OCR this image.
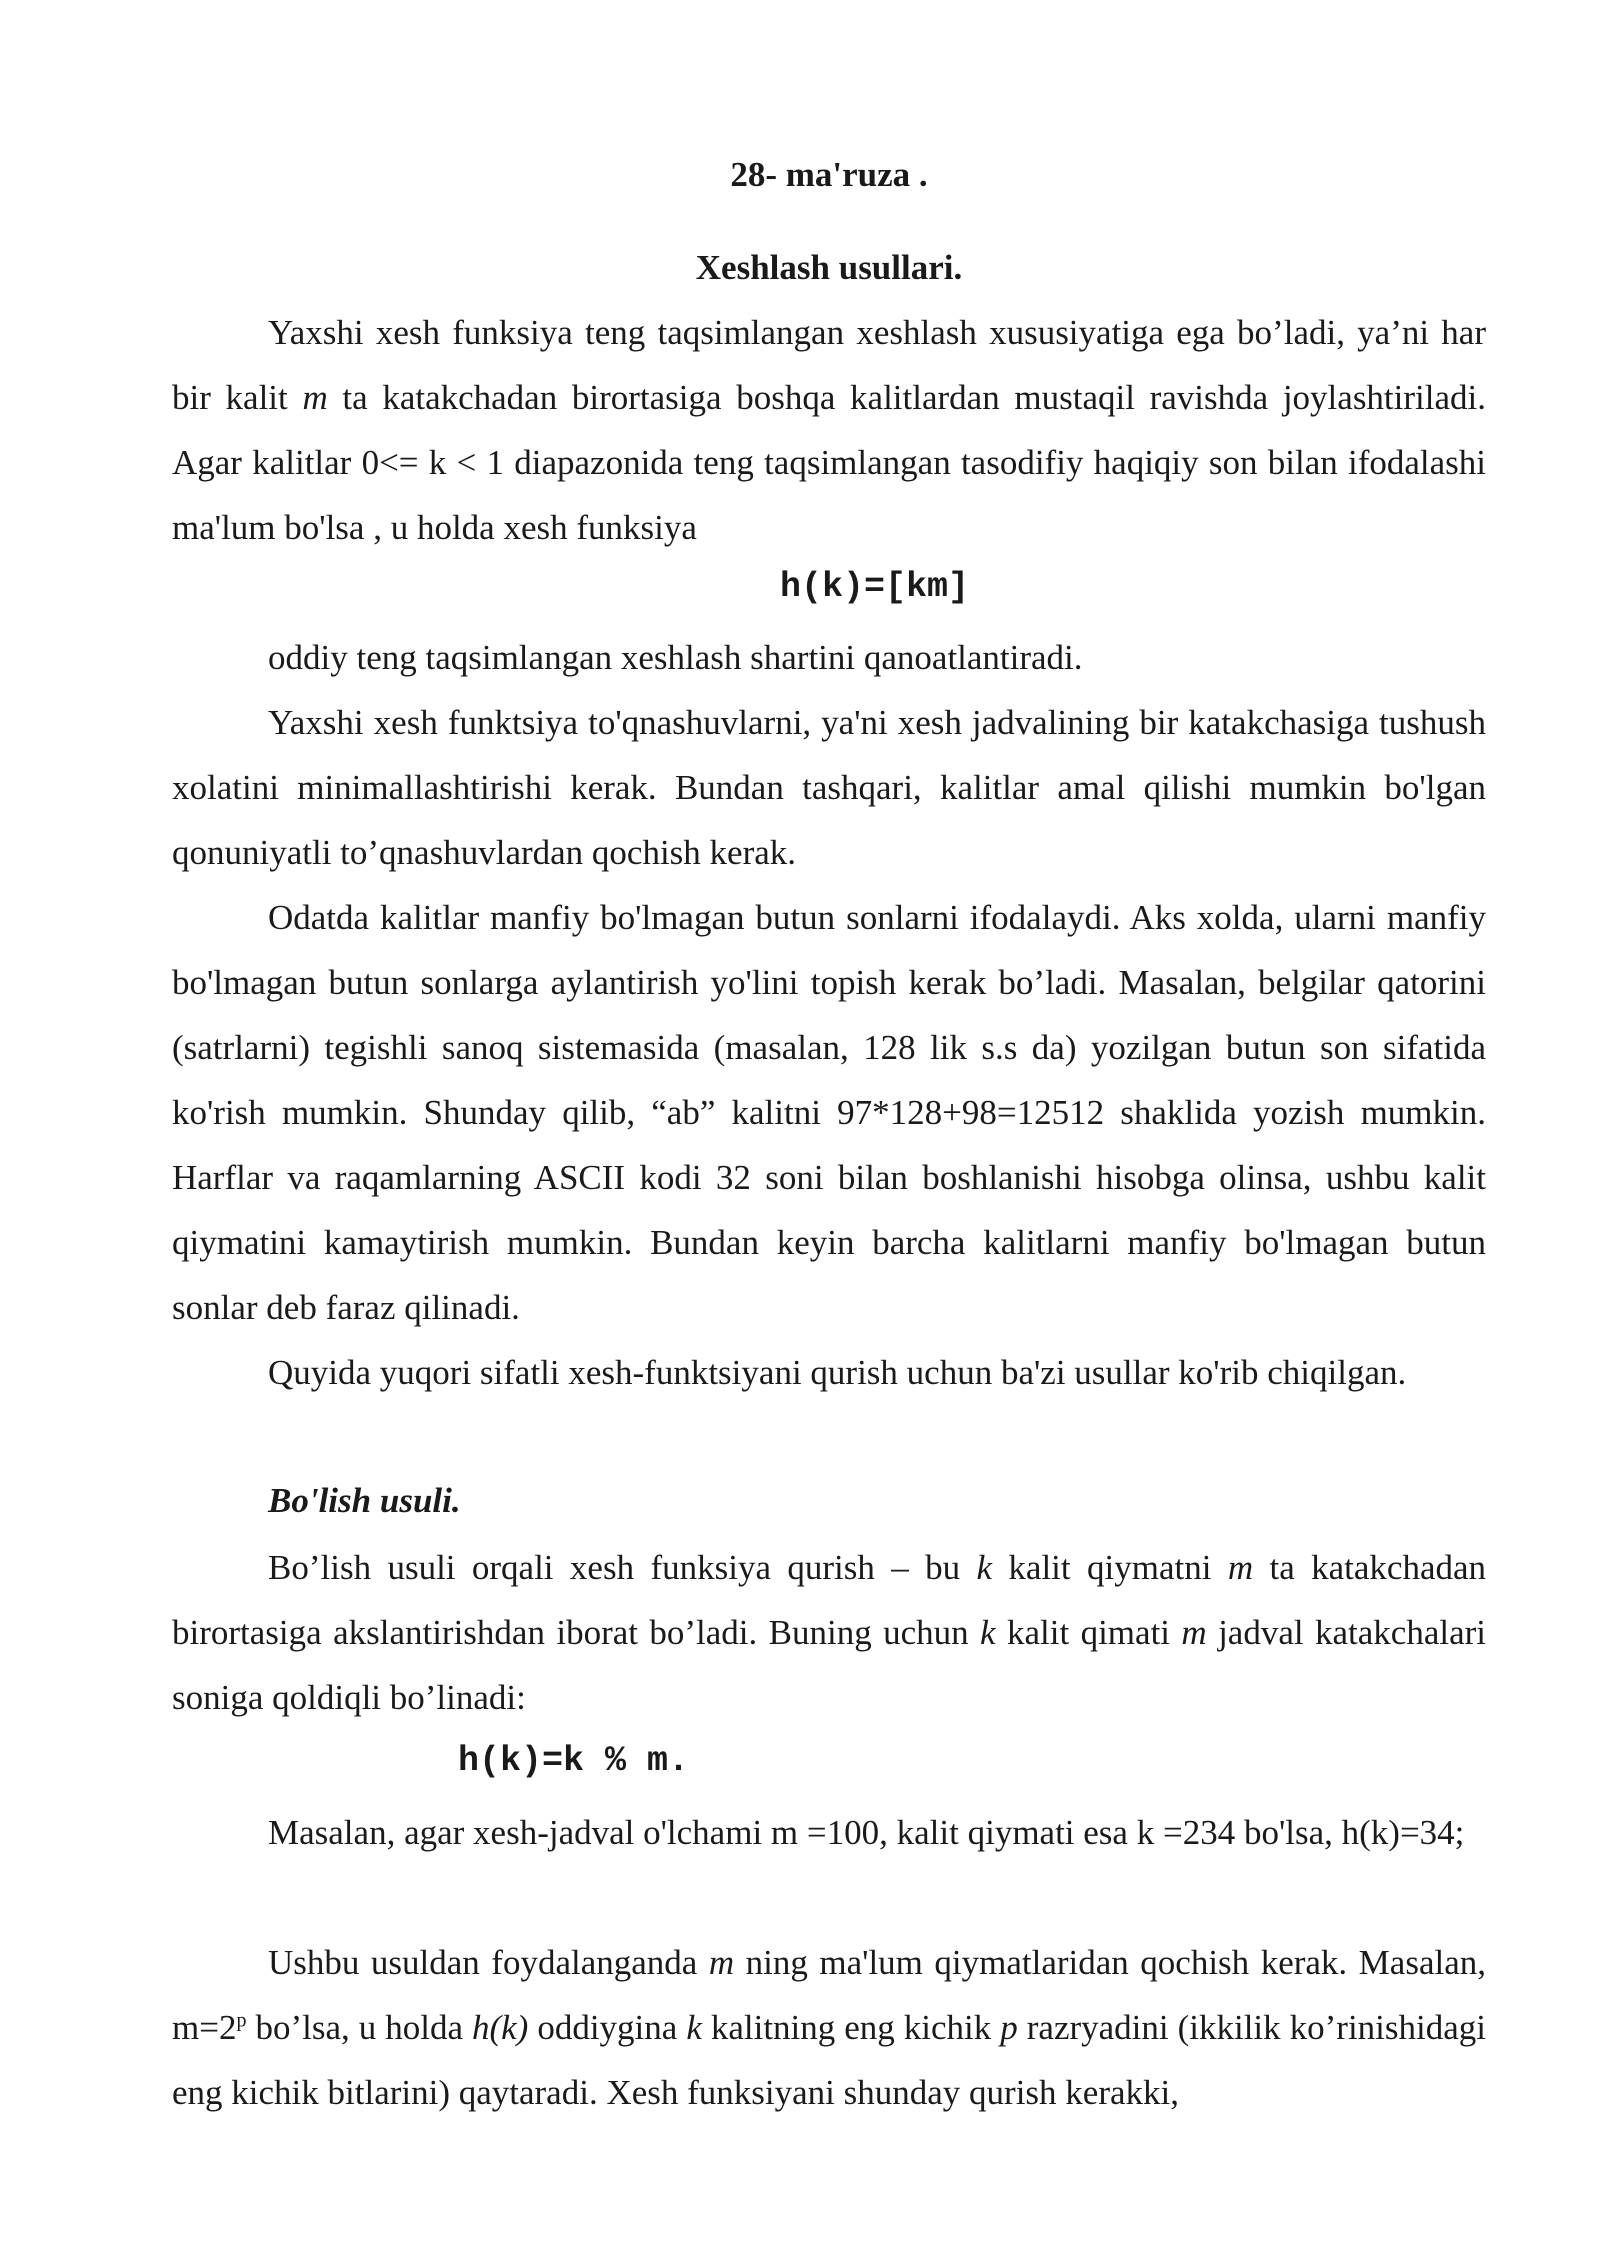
28- ma'ruza .
Xeshlash usullari.

Yaxshi xesh funksiya teng taqsimlangan xeshlash xususiyatiga ega bo’ladi, ya’ni har bir kalit m ta katakchadan birortasiga boshqa kalitlardan mustaqil ravishda joylashtiriladi. Agar kalitlar 0<= k < 1 diapazonida teng taqsimlangan tasodifiy haqiqiy son bilan ifodalashi ma'lum bo'lsa , u holda xesh funksiya

h(k)=[km]

oddiy teng taqsimlangan xeshlash shartini qanoatlantiradi.

Yaxshi xesh funktsiya to'qnashuvlarni, ya'ni xesh jadvalining bir katakchasiga tushush xolatini minimallashtirishi kerak. Bundan tashqari, kalitlar amal qilishi mumkin bo'lgan qonuniyatli to’qnashuvlardan qochish kerak.

Odatda kalitlar manfiy bo'lmagan butun sonlarni ifodalaydi. Aks xolda, ularni manfiy bo'lmagan butun sonlarga aylantirish yo'lini topish kerak bo’ladi. Masalan, belgilar qatorini (satrlarni) tegishli sanoq sistemasida (masalan, 128 lik s.s da) yozilgan butun son sifatida ko'rish mumkin. Shunday qilib, “ab” kalitni 97*128+98=12512 shaklida yozish mumkin. Harflar va raqamlarning ASCII kodi 32 soni bilan boshlanishi hisobga olinsa, ushbu kalit qiymatini kamaytirish mumkin. Bundan keyin barcha kalitlarni manfiy bo'lmagan butun sonlar deb faraz qilinadi.

Quyida yuqori sifatli xesh-funktsiyani qurish uchun ba'zi usullar ko'rib chiqilgan.

Bo'lish usuli.

Bo’lish usuli orqali xesh funksiya qurish – bu k kalit qiymatni m ta katakchadan birortasiga akslantirishdan iborat bo’ladi. Buning uchun k kalit qimati m jadval katakchalari soniga qoldiqli bo’linadi:

h(k)=k % m.

Masalan, agar xesh-jadval o'lchami m =100, kalit qiymati esa k =234 bo'lsa, h(k)=34;

Ushbu usuldan foydalanganda m ning ma'lum qiymatlaridan qochish kerak. Masalan, $m=2^p$ bo’lsa, u holda h(k) oddiygina k kalitning eng kichik p razryadini (ikkilik ko’rinishidagi eng kichik bitlarini) qaytaradi. Xesh funksiyani shunday qurish kerakki,
